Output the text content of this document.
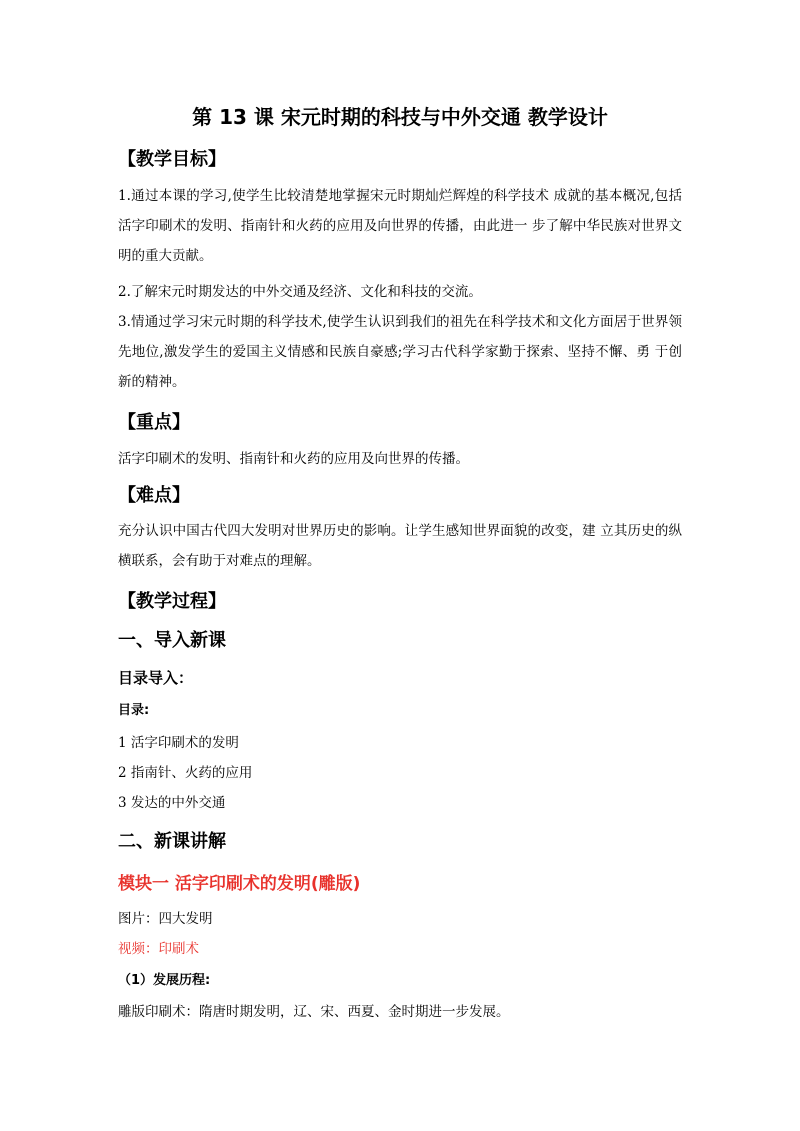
第 13 课 宋元时期的科技与中外交通 教学设计
【教学目标】

1.通过本课的学习,使学生比较清楚地掌握宋元时期灿烂辉煌的科学技术 成就的基本概况,包括活字印刷术的发明、指南针和火药的应用及向世界的传播，由此进一 步了解中华民族对世界文明的重大贡献。

2.了解宋元时期发达的中外交通及经济、文化和科技的交流。

3.情通过学习宋元时期的科学技术,使学生认识到我们的祖先在科学技术和文化方面居于世界领 先地位,激发学生的爱国主义情感和民族自豪感;学习古代科学家勤于探索、坚持不懈、勇 于创新的精神。

【重点】

活字印刷术的发明、指南针和火药的应用及向世界的传播。

【难点】

充分认识中国古代四大发明对世界历史的影响。让学生感知世界面貌的改变，建 立其历史的纵横联系，会有助于对难点的理解。

【教学过程】
一、导入新课
目录导入：
目录:
1 活字印刷术的发明
2 指南针、火药的应用
3 发达的中外交通
二、新课讲解
模块一 活字印刷术的发明(雕版)
图片：四大发明
视频：印刷术
（1）发展历程:
雕版印刷术：隋唐时期发明，辽、宋、西夏、金时期进一步发展。
